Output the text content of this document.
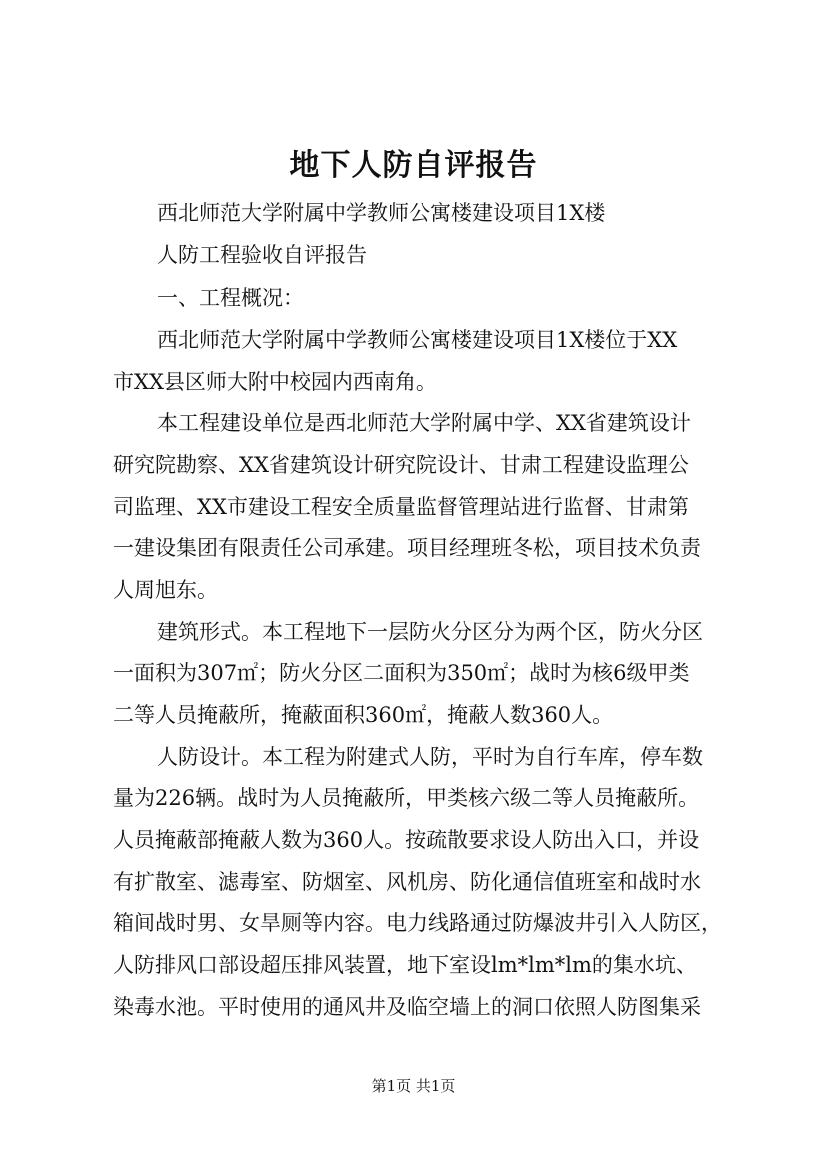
地下人防自评报告
西北师范大学附属中学教师公寓楼建设项目1X楼
人防工程验收自评报告
一、工程概况：
西北师范大学附属中学教师公寓楼建设项目1X楼位于XX
市XX县区师大附中校园内西南角。
本工程建设单位是西北师范大学附属中学、XX省建筑设计
研究院勘察、XX省建筑设计研究院设计、甘肃工程建设监理公
司监理、XX市建设工程安全质量监督管理站进行监督、甘肃第
一建设集团有限责任公司承建。项目经理班冬松，项目技术负责
人周旭东。
建筑形式。本工程地下一层防火分区分为两个区，防火分区
一面积为307㎡；防火分区二面积为350㎡；战时为核6级甲类
二等人员掩蔽所，掩蔽面积360㎡，掩蔽人数360人。
人防设计。本工程为附建式人防，平时为自行车库，停车数
量为226辆。战时为人员掩蔽所，甲类核六级二等人员掩蔽所。
人员掩蔽部掩蔽人数为360人。按疏散要求设人防出入口，并设
有扩散室、滤毒室、防烟室、风机房、防化通信值班室和战时水
箱间战时男、女旱厕等内容。电力线路通过防爆波井引入人防区，
人防排风口部设超压排风装置，地下室设lm*lm*lm的集水坑、
染毒水池。平时使用的通风井及临空墙上的洞口依照人防图集采
第1页 共1页
